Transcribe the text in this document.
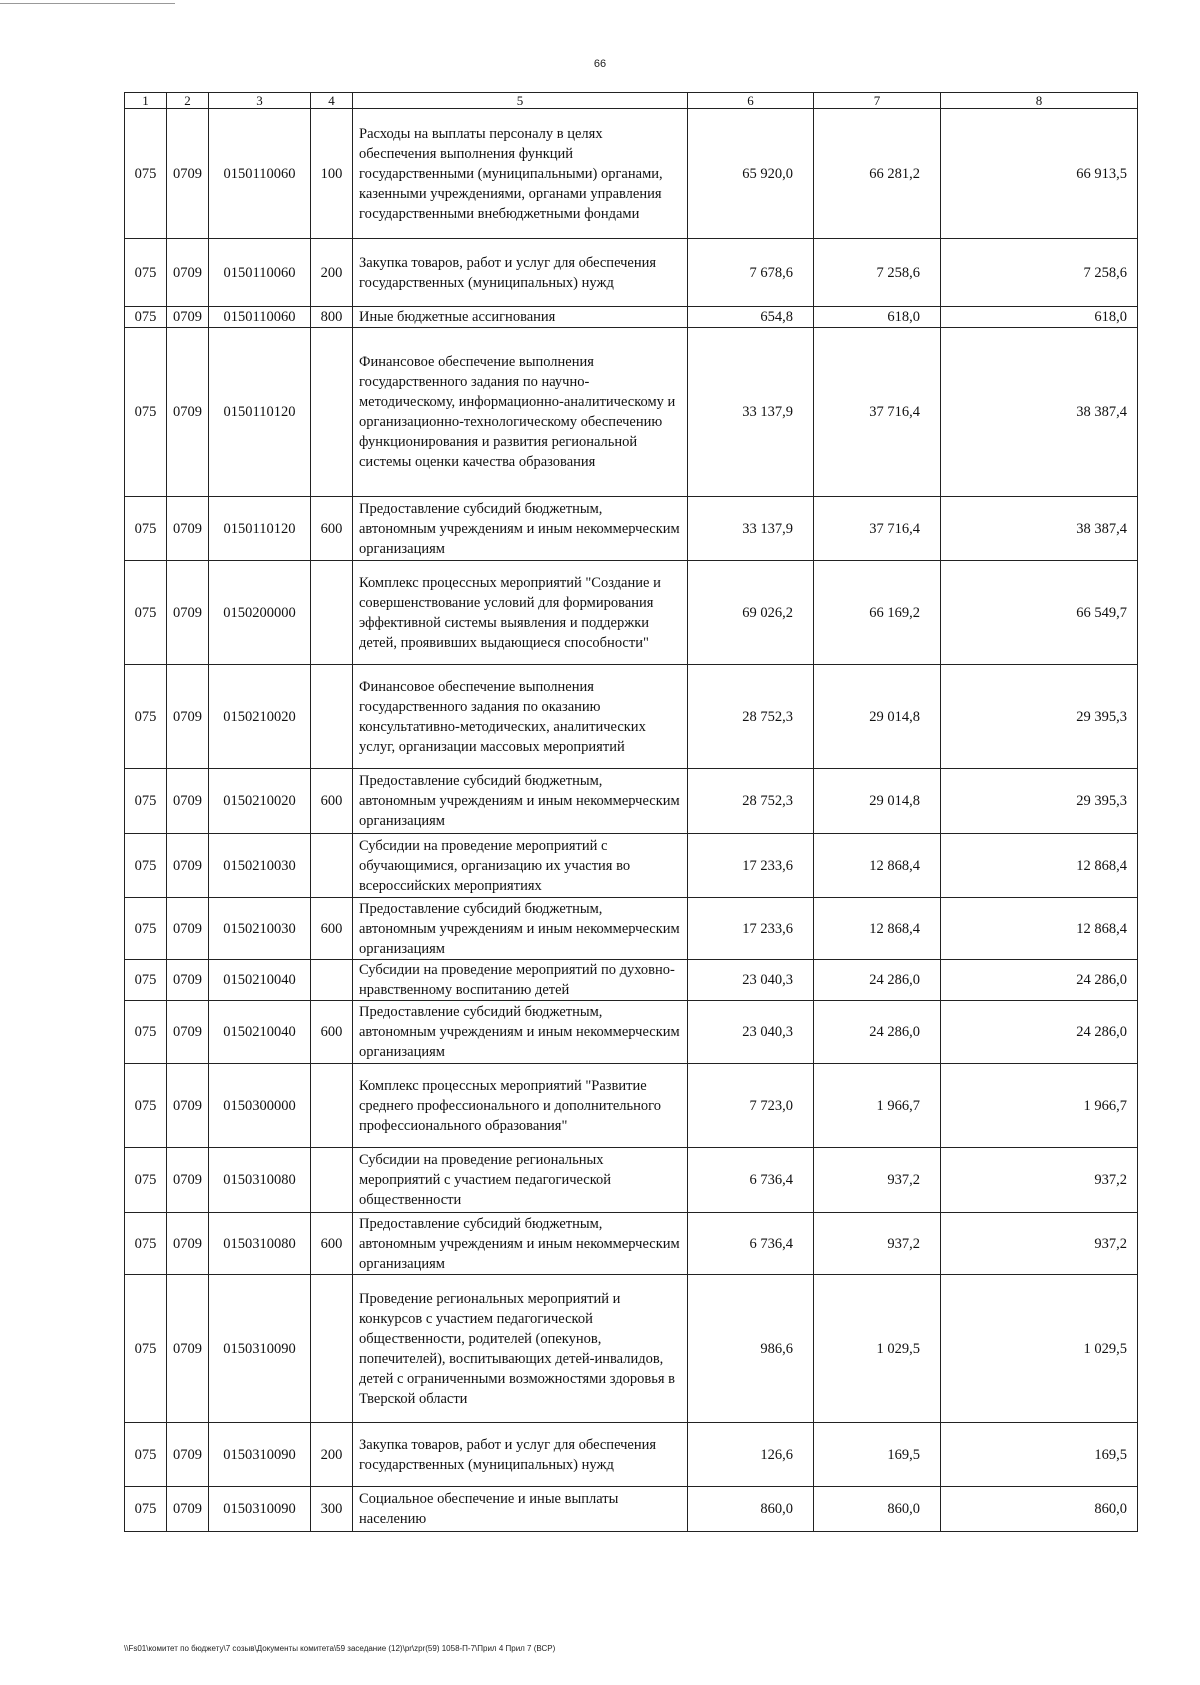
66
1	2	3	4	5	6	7	8
075	0709	0150110060	100	Расходы на выплаты персоналу в целях обеспечения выполнения функций государственными (муниципальными) органами, казенными учреждениями, органами управления государственными внебюджетными фондами	65 920,0	66 281,2	66 913,5
075	0709	0150110060	200	Закупка товаров, работ и услуг для обеспечения государственных (муниципальных) нужд	7 678,6	7 258,6	7 258,6
075	0709	0150110060	800	Иные бюджетные ассигнования	654,8	618,0	618,0
075	0709	0150110120		Финансовое обеспечение выполнения государственного задания по научно-методическому, информационно-аналитическому и организационно-технологическому обеспечению функционирования и развития региональной системы оценки качества образования	33 137,9	37 716,4	38 387,4
075	0709	0150110120	600	Предоставление субсидий бюджетным, автономным учреждениям и иным некоммерческим организациям	33 137,9	37 716,4	38 387,4
075	0709	0150200000		Комплекс процессных мероприятий "Создание и совершенствование условий для формирования эффективной системы выявления и поддержки детей, проявивших выдающиеся способности"	69 026,2	66 169,2	66 549,7
075	0709	0150210020		Финансовое обеспечение выполнения государственного задания по оказанию консультативно-методических, аналитических услуг, организации массовых мероприятий	28 752,3	29 014,8	29 395,3
075	0709	0150210020	600	Предоставление субсидий бюджетным, автономным учреждениям и иным некоммерческим организациям	28 752,3	29 014,8	29 395,3
075	0709	0150210030		Субсидии на проведение мероприятий с обучающимися, организацию их участия во всероссийских мероприятиях	17 233,6	12 868,4	12 868,4
075	0709	0150210030	600	Предоставление субсидий бюджетным, автономным учреждениям и иным некоммерческим организациям	17 233,6	12 868,4	12 868,4
075	0709	0150210040		Субсидии на проведение мероприятий по духовно-нравственному воспитанию детей	23 040,3	24 286,0	24 286,0
075	0709	0150210040	600	Предоставление субсидий бюджетным, автономным учреждениям и иным некоммерческим организациям	23 040,3	24 286,0	24 286,0
075	0709	0150300000		Комплекс процессных мероприятий "Развитие среднего профессионального и дополнительного профессионального образования"	7 723,0	1 966,7	1 966,7
075	0709	0150310080		Субсидии на проведение региональных мероприятий с участием педагогической общественности	6 736,4	937,2	937,2
075	0709	0150310080	600	Предоставление субсидий бюджетным, автономным учреждениям и иным некоммерческим организациям	6 736,4	937,2	937,2
075	0709	0150310090		Проведение региональных мероприятий и конкурсов с участием педагогической общественности, родителей (опекунов, попечителей), воспитывающих детей-инвалидов, детей с ограниченными возможностями здоровья в Тверской области	986,6	1 029,5	1 029,5
075	0709	0150310090	200	Закупка товаров, работ и услуг для обеспечения государственных (муниципальных) нужд	126,6	169,5	169,5
075	0709	0150310090	300	Социальное обеспечение и иные выплаты населению	860,0	860,0	860,0
\\Fs01\комитет по бюджету\7 созыв\Документы комитета\59 заседание (12)\pr\zpr(59) 1058-П-7\Прил 4 Прил 7 (ВСР)
